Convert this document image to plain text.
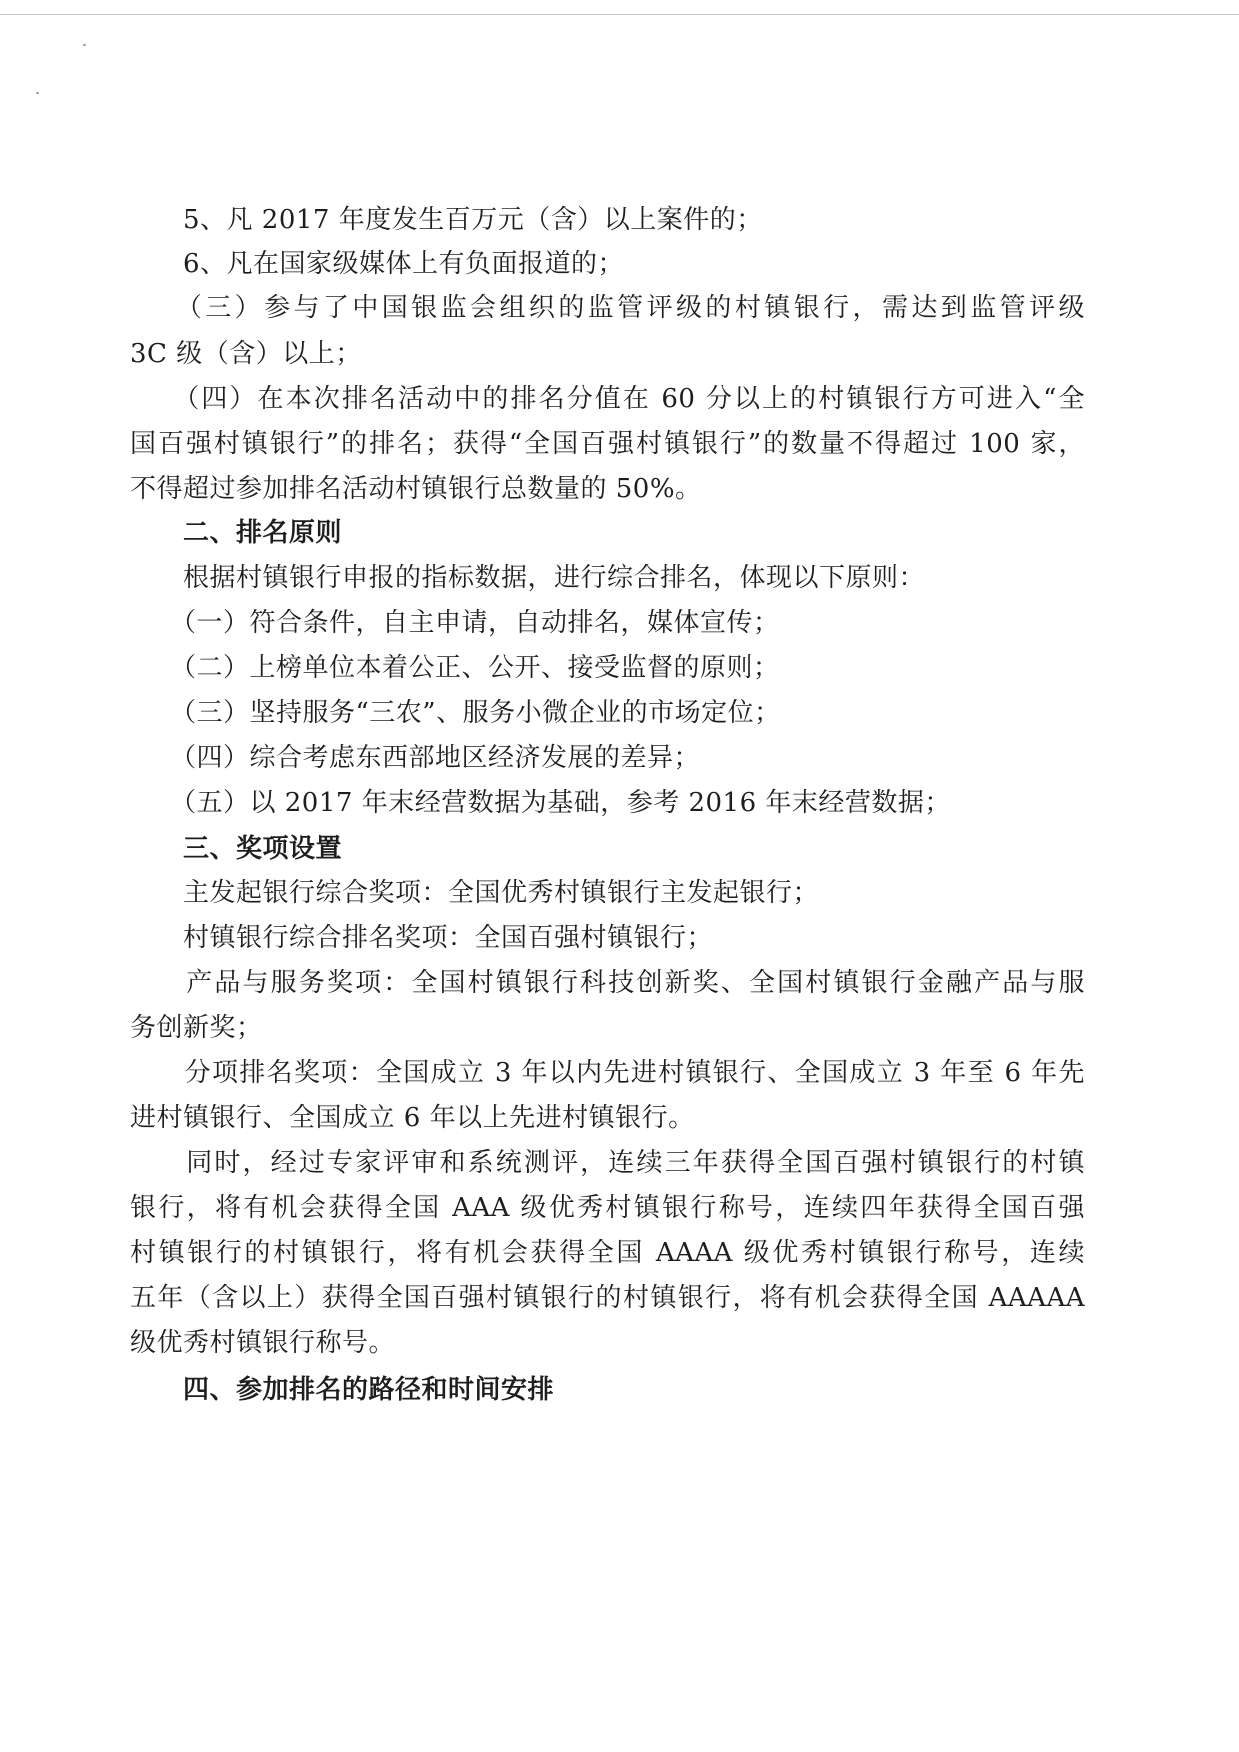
　　5、凡 2017 年度发生百万元（含）以上案件的；
　　6、凡在国家级媒体上有负面报道的；
　　（三）参与了中国银监会组织的监管评级的村镇银行，需达到监管评级
3C 级（含）以上；
　　（四）在本次排名活动中的排名分值在 60 分以上的村镇银行方可进入“全
国百强村镇银行”的排名；获得“全国百强村镇银行”的数量不得超过 100 家，
不得超过参加排名活动村镇银行总数量的 50%。
　　二、排名原则
　　根据村镇银行申报的指标数据，进行综合排名，体现以下原则：
　　（一）符合条件，自主申请，自动排名，媒体宣传；
　　（二）上榜单位本着公正、公开、接受监督的原则；
　　（三）坚持服务“三农”、服务小微企业的市场定位；
　　（四）综合考虑东西部地区经济发展的差异；
　　（五）以 2017 年末经营数据为基础，参考 2016 年末经营数据；
　　三、奖项设置
　　主发起银行综合奖项：全国优秀村镇银行主发起银行；
　　村镇银行综合排名奖项：全国百强村镇银行；
　　产品与服务奖项：全国村镇银行科技创新奖、全国村镇银行金融产品与服
务创新奖；
　　分项排名奖项：全国成立 3 年以内先进村镇银行、全国成立 3 年至 6 年先
进村镇银行、全国成立 6 年以上先进村镇银行。
　　同时，经过专家评审和系统测评，连续三年获得全国百强村镇银行的村镇
银行，将有机会获得全国 AAA 级优秀村镇银行称号，连续四年获得全国百强
村镇银行的村镇银行，将有机会获得全国 AAAA 级优秀村镇银行称号，连续
五年（含以上）获得全国百强村镇银行的村镇银行，将有机会获得全国 AAAAA
级优秀村镇银行称号。
　　四、参加排名的路径和时间安排
